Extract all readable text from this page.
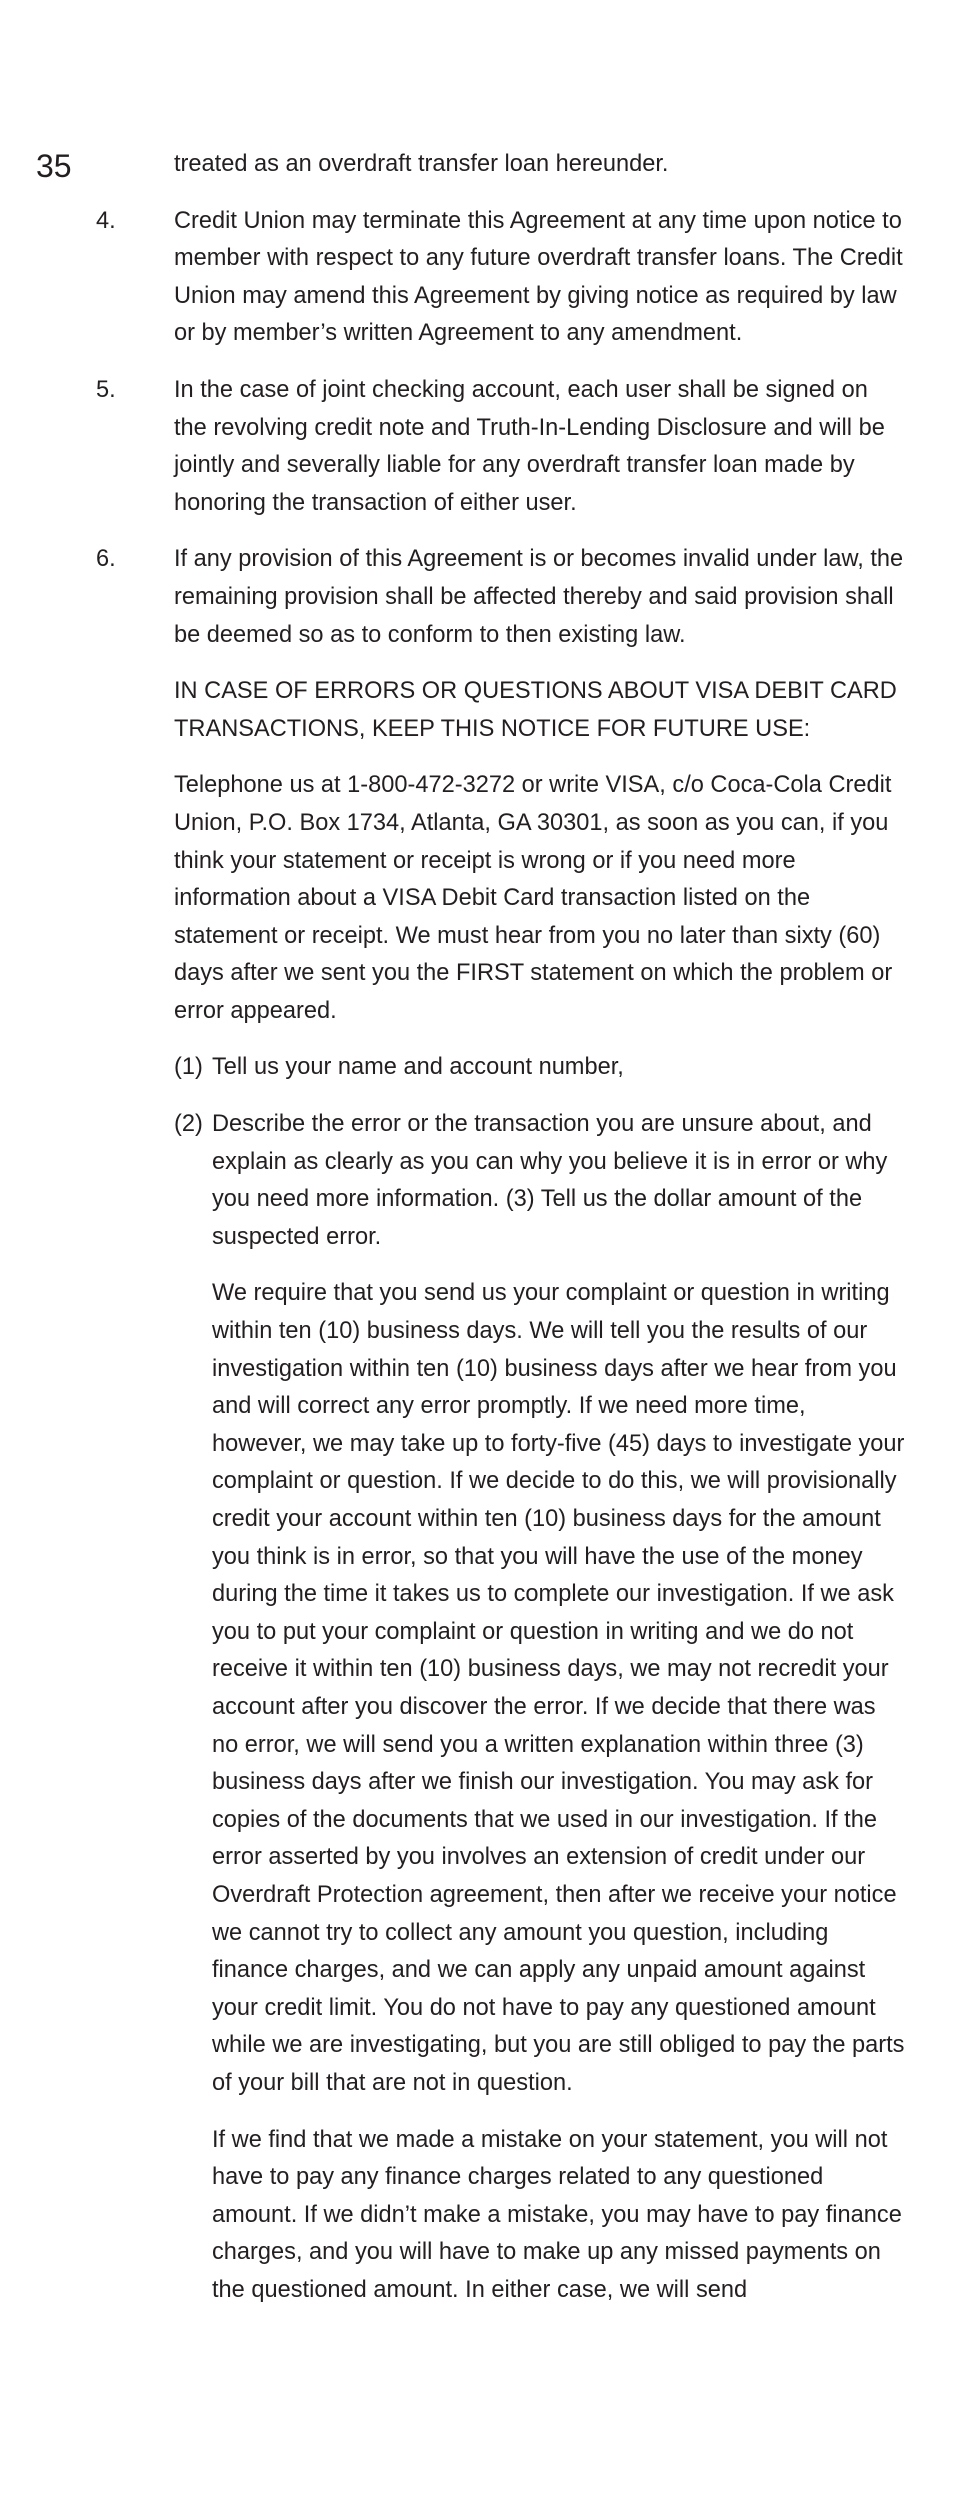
35	treated as an overdraft transfer loan hereunder.

4. Credit Union may terminate this Agreement at any time upon notice to member with respect to any future overdraft transfer loans. The Credit Union may amend this Agreement by giving notice as required by law or by member’s written Agreement to any amendment.
5. In the case of joint checking account, each user shall be signed on the revolving credit note and Truth-In-Lending Disclosure and will be jointly and severally liable for any overdraft transfer loan made by honoring the transaction of either user.
6. If any provision of this Agreement is or becomes invalid under law, the remaining provision shall be affected thereby and said provision shall be deemed so as to conform to then existing law.

IN CASE OF ERRORS OR QUESTIONS ABOUT VISA DEBIT CARD TRANSACTIONS, KEEP THIS NOTICE FOR FUTURE USE:

Telephone us at 1-800-472-3272 or write VISA, c/o Coca-Cola Credit Union, P.O. Box 1734, Atlanta, GA 30301, as soon as you can, if you think your statement or receipt is wrong or if you need more information about a VISA Debit Card transaction listed on the statement or receipt. We must hear from you no later than sixty (60) days after we sent you the FIRST statement on which the problem or error appeared.

(1) Tell us your name and account number,
(2) Describe the error or the transaction you are unsure about, and explain as clearly as you can why you believe it is in error or why you need more information. (3) Tell us the dollar amount of the suspected error.

We require that you send us your complaint or question in writing within ten (10) business days. We will tell you the results of our investigation within ten (10) business days after we hear from you and will correct any error promptly. If we need more time, however, we may take up to forty-five (45) days to investigate your complaint or question. If we decide to do this, we will provisionally credit your account within ten (10) business days for the amount you think is in error, so that you will have the use of the money during the time it takes us to complete our investigation. If we ask you to put your complaint or question in writing and we do not receive it within ten (10) business days, we may not recredit your account after you discover the error. If we decide that there was no error, we will send you a written explanation within three (3) business days after we finish our investigation. You may ask for copies of the documents that we used in our investigation. If the error asserted by you involves an extension of credit under our Overdraft Protection agreement, then after we receive your notice we cannot try to collect any amount you question, including finance charges, and we can apply any unpaid amount against your credit limit. You do not have to pay any questioned amount while we are investigating, but you are still obliged to pay the parts of your bill that are not in question.

If we find that we made a mistake on your statement, you will not have to pay any finance charges related to any questioned amount. If we didn’t make a mistake, you may have to pay finance charges, and you will have to make up any missed payments on the questioned amount. In either case, we will send
